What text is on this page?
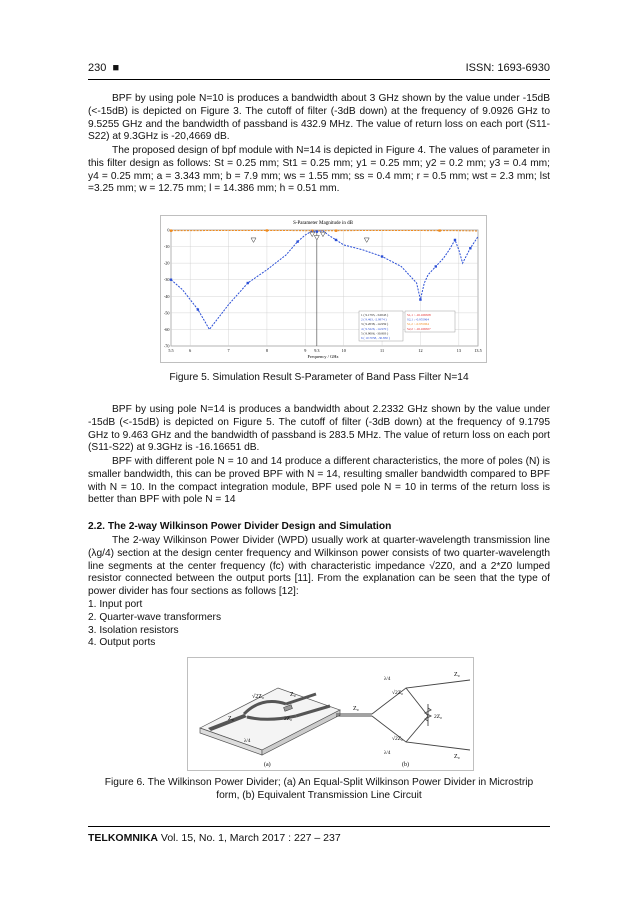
230 ■	ISSN: 1693-6930

BPF by using pole N=10 is produces a bandwidth about 3 GHz shown by the value under -15dB (<-15dB) is depicted on Figure 3. The cutoff of filter (-3dB down) at the frequency of 9.0926 GHz to 9.5255 GHz and the bandwidth of passband is 432.9 MHz. The value of return loss on each port (S11-S22) at 9.3GHz is -20,4669 dB.

The proposed design of bpf module with N=14 is depicted in Figure 4. The values of parameter in this filter design as follows: St = 0.25 mm; St1 = 0.25 mm; y1 = 0.25 mm; y2 = 0.2 mm; y3 = 0.4 mm; y4 = 0.25 mm; a = 3.343 mm; b = 7.9 mm; ws = 1.55 mm; ss = 0.4 mm; r = 0.5 mm; wst = 2.3 mm; lst =3.25 mm; w = 12.75 mm; l = 14.386 mm; h = 0.51 mm.

S-Parameter Magnitude in dB
Frequency / GHz
5.5	6	7	8	9 9.3	10	11	12	13	13.5
0
-10
-20
-30
-40
-50
-60
-70
1 ( 9.1795, -3.0043 )
2 ( 9.463, -2.9974 )
3 ( 9.2038, -14.959 )
4 ( 9.5226, -14.970 )
5 ( 8.9006, -30.803 )
6 ( 10.7058, -30.830 )
S1,1 : -16.166508
S2,1 : -0.955964
S1,2 : -0.955964
S2,2 : -16.166507
Figure 5. Simulation Result S-Parameter of Band Pass Filter N=14

BPF by using pole N=14 is produces a bandwidth about 2.2332 GHz shown by the value under -15dB (<-15dB) is depicted on Figure 5. The cutoff of filter (-3dB down) at the frequency of 9.1795 GHz to 9.463 GHz and the bandwidth of passband is 283.5 MHz. The value of return loss on each port (S11-S22) at 9.3GHz is -16.16651 dB.

BPF with different pole N = 10 and 14 produce a different characteristics, the more of poles (N) is smaller bandwidth, this can be proved BPF with N = 14, resulting smaller bandwidth compared to BPF with N = 10. In the compact integration module, BPF used pole N = 10 in terms of the return loss is better than BPF with pole N = 14

2.2. The 2-way Wilkinson Power Divider Design and Simulation

The 2-way Wilkinson Power Divider (WPD) usually work at quarter-wavelength transmission line (λg/4) section at the design center frequency and Wilkinson power consists of two quarter-wavelength line segments at the center frequency (fc) with characteristic impedance √2Z0, and a 2*Z0 lumped resistor connected between the output ports [11]. From the explanation can be seen that the type of power divider has four sections as follows [12]:

1. Input port
2. Quarter-wave transformers
3. Isolation resistors
4. Output ports
Z₀
√2Z₀	Z₀
2Z₀
λ/4
(a)
Z₀
√2Z₀
√2Z₀
2Z₀
Z₀
Z₀
λ/4
λ/4
(b)
Figure 6. The Wilkinson Power Divider; (a) An Equal-Split Wilkinson Power Divider in Microstrip
form, (b) Equivalent Transmission Line Circuit
TELKOMNIKA Vol. 15, No. 1, March 2017 : 227 – 237
